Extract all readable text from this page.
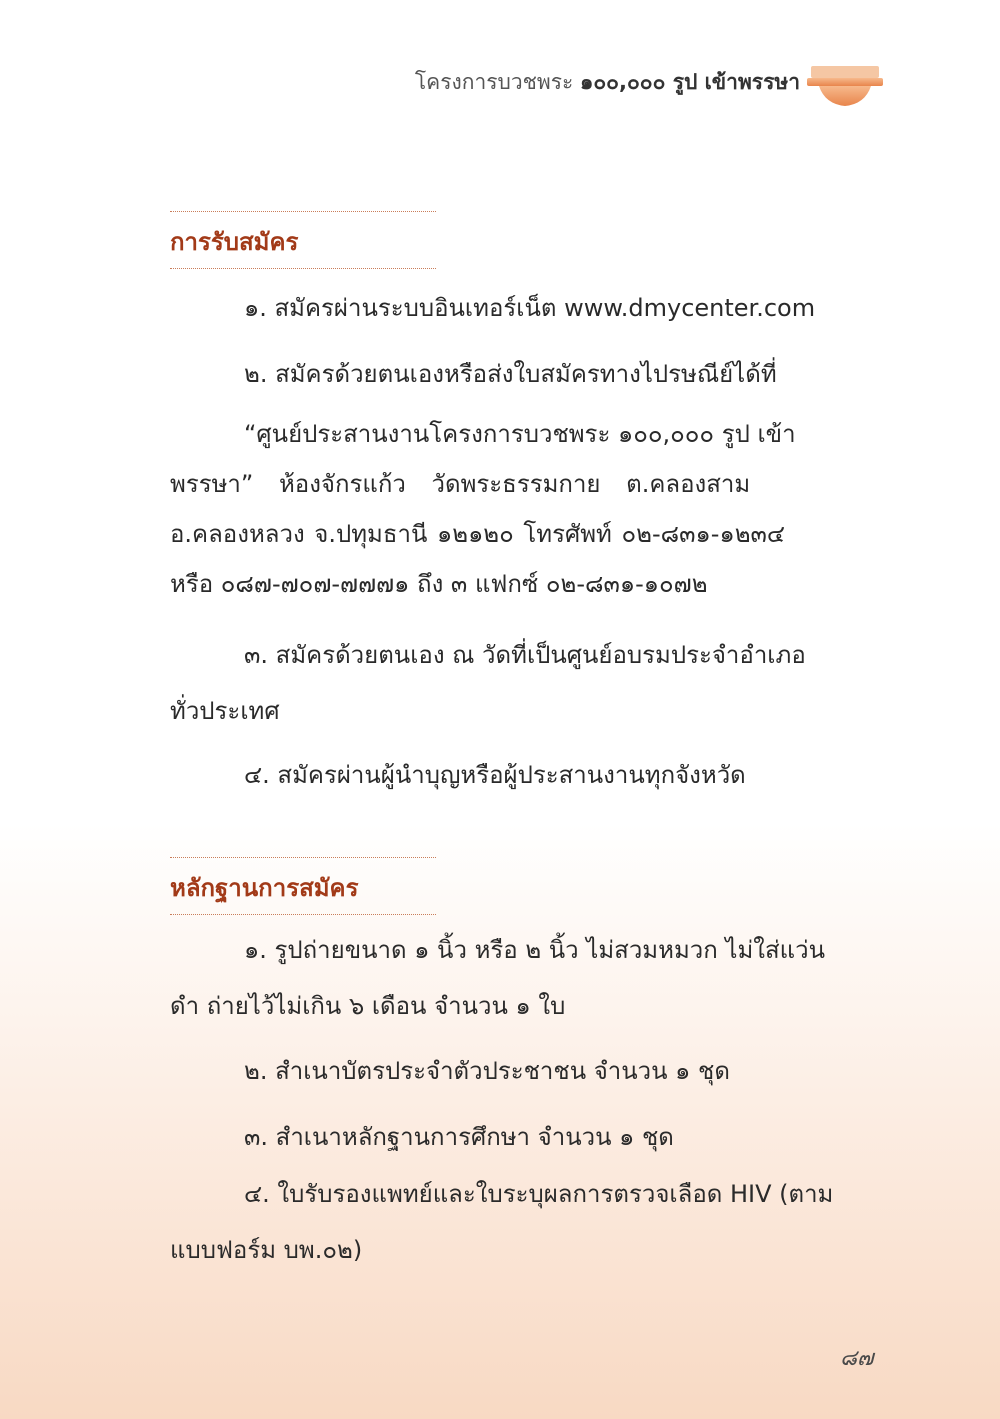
โครงการบวชพระ ๑๐๐,๐๐๐ รูป เข้าพรรษา
การรับสมัคร

๑. สมัครผ่านระบบอินเทอร์เน็ต www.dmycenter.com

๒. สมัครด้วยตนเองหรือส่งใบสมัครทางไปรษณีย์ได้ที่

“ศูนย์ประสานงานโครงการบวชพระ ๑๐๐,๐๐๐ รูป เข้า
พรรษา” ห้องจักรแก้ว วัดพระธรรมกาย ต.คลองสาม
อ.คลองหลวง จ.ปทุมธานี ๑๒๑๒๐ โทรศัพท์ ๐๒-๘๓๑-๑๒๓๔
หรือ ๐๘๗-๗๐๗-๗๗๗๑ ถึง ๓ แฟกซ์ ๐๒-๘๓๑-๑๐๗๒
๓. สมัครด้วยตนเอง ณ วัดที่เป็นศูนย์อบรมประจำอำเภอ
ทั่วประเทศ

๔. สมัครผ่านผู้นำบุญหรือผู้ประสานงานทุกจังหวัด

หลักฐานการสมัคร
๑. รูปถ่ายขนาด ๑ นิ้ว หรือ ๒ นิ้ว ไม่สวมหมวก ไม่ใส่แว่น
ดำ ถ่ายไว้ไม่เกิน ๖ เดือน จำนวน ๑ ใบ

๒. สำเนาบัตรประจำตัวประชาชน จำนวน ๑ ชุด

๓. สำเนาหลักฐานการศึกษา จำนวน ๑ ชุด

๔. ใบรับรองแพทย์และใบระบุผลการตรวจเลือด HIV (ตาม
แบบฟอร์ม บพ.๐๒)
๘๗
